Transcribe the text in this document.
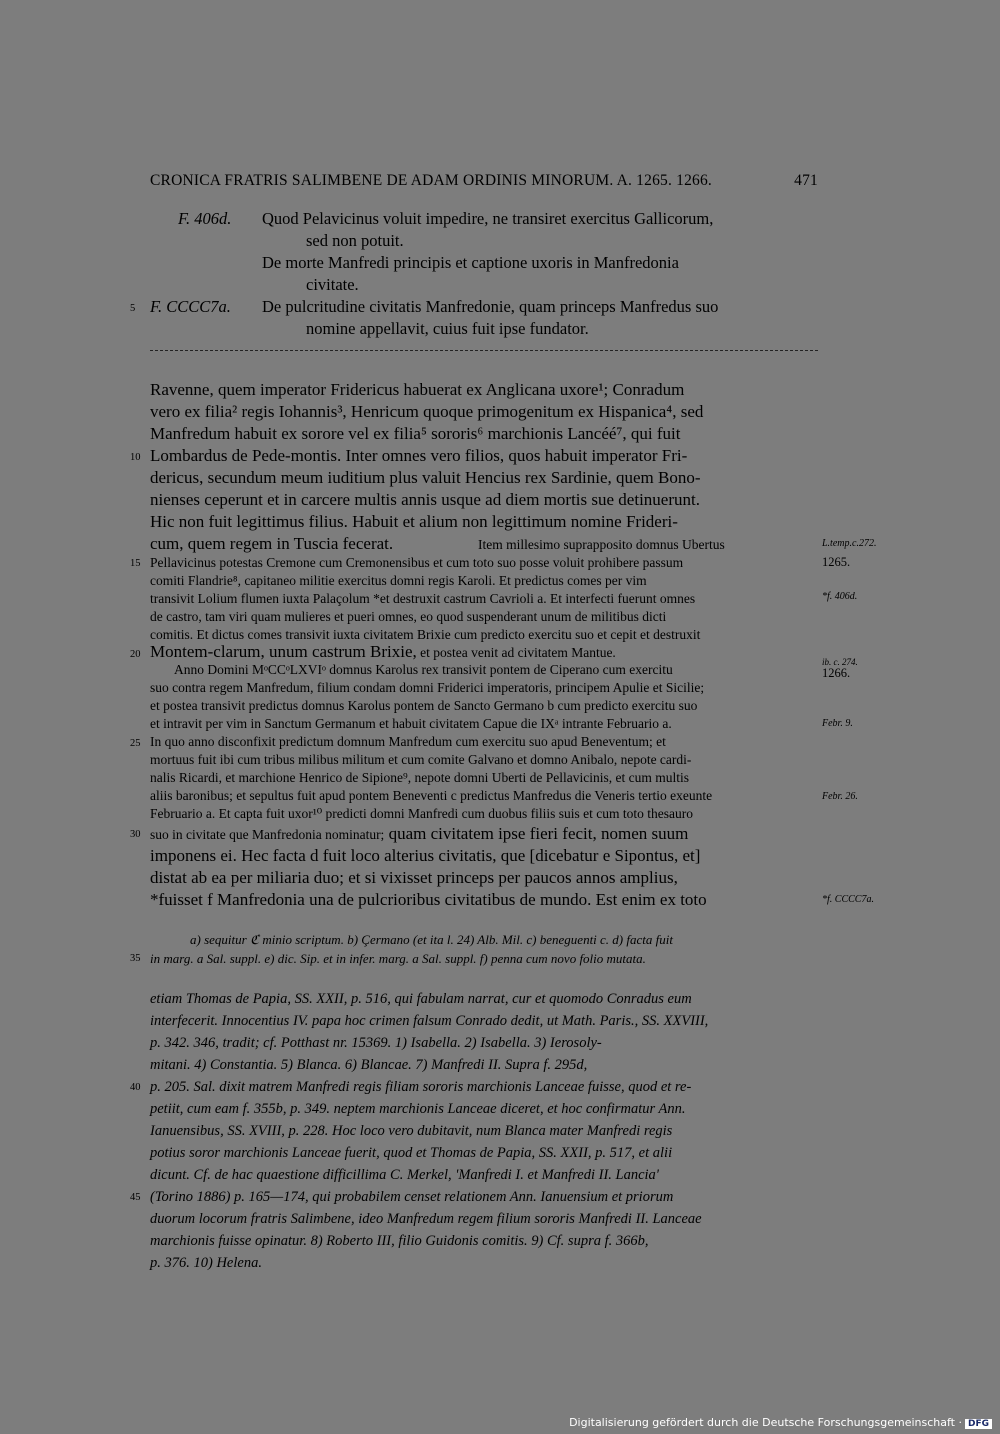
CRONICA FRATRIS SALIMBENE DE ADAM ORDINIS MINORUM. A. 1265. 1266.	471
F. 406d. Quod Pelavicinus voluit impedire, ne transiret exercitus Gallicorum,
sed non potuit.
De morte Manfredi principis et captione uxoris in Manfredonia
civitate.
5 F. CCCC7a. De pulcritudine civitatis Manfredonie, quam princeps Manfredus suo
nomine appellavit, cuius fuit ipse fundator.
Ravenne, quem imperator Fridericus habuerat ex Anglicana uxore¹; Conradum
vero ex filia² regis Iohannis³, Henricum quoque primogenitum ex Hispanica⁴, sed
Manfredum habuit ex sorore vel ex filia⁵ sororis⁶ marchionis Lancéé⁷, qui fuit
10 Lombardus de Pede-montis. Inter omnes vero filios, quos habuit imperator Fri-
dericus, secundum meum iuditium plus valuit Hencius rex Sardinie, quem Bono-
nienses ceperunt et in carcere multis annis usque ad diem mortis sue detinuerunt.
Hic non fuit legittimus filius. Habuit et alium non legittimum nomine Frideri-
cum, quem regem in Tuscia fecerat.	Item millesimo suprapposito domnus Ubertus
15 Pellavicinus potestas Cremone cum Cremonensibus et cum toto suo posse voluit prohibere passum
comiti Flandrie⁸, capitaneo militie exercitus domni regis Karoli. Et predictus comes per vim
transivit Lolium flumen iuxta Palaçolum *et destruxit castrum Cavrioli a. Et interfecti fuerunt omnes
de castro, tam viri quam mulieres et pueri omnes, eo quod suspenderant unum de militibus dicti
comitis. Et dictus comes transivit iuxta civitatem Brixie cum predicto exercitu suo et cepit et destruxit
20 Montem-clarum, unum castrum Brixie, et postea venit ad civitatem Mantue.
Anno Domini MᵒCCᵒLXVIᵒ domnus Karolus rex transivit pontem de Ciperano cum exercitu
suo contra regem Manfredum, filium condam domni Friderici imperatoris, principem Apulie et Sicilie;
et postea transivit predictus domnus Karolus pontem de Sancto Germano b cum predicto exercitu suo
et intravit per vim in Sanctum Germanum et habuit civitatem Capue die IXᵃ intrante Februario a.
25 In quo anno disconfixit predictum domnum Manfredum cum exercitu suo apud Beneventum; et
mortuus fuit ibi cum tribus milibus militum et cum comite Galvano et domno Anibalo, nepote cardi-
nalis Ricardi, et marchione Henrico de Sipione⁹, nepote domni Uberti de Pellavicinis, et cum multis
aliis baronibus; et sepultus fuit apud pontem Beneventi c predictus Manfredus die Veneris tertio exeunte
Februario a. Et capta fuit uxor¹⁰ predicti domni Manfredi cum duobus filiis suis et cum toto thesauro
30 suo in civitate que Manfredonia nominatur; quam civitatem ipse fieri fecit, nomen suum
imponens ei. Hec facta d fuit loco alterius civitatis, que [dicebatur e Sipontus, et]
distat ab ea per miliaria duo; et si vixisset princeps per paucos annos amplius,
*fuisset f Manfredonia una de pulcrioribus civitatibus de mundo. Est enim ex toto
L.temp.c.272.
1265.
*f. 406d.
ib. c. 274.
1266.
Febr. 9.
Febr. 26.
*f. CCCC7a.
a) sequitur ℭ minio scriptum. b) Çermano (et ita l. 24) Alb. Mil. c) beneguenti c. d) facta fuit
35 in marg. a Sal. suppl. e) dic. Sip. et in infer. marg. a Sal. suppl. f) penna cum novo folio mutata.
etiam Thomas de Papia, SS. XXII, p. 516, qui fabulam narrat, cur et quomodo Conradus eum
interfecerit. Innocentius IV. papa hoc crimen falsum Conrado dedit, ut Math. Paris., SS. XXVIII,
p. 342. 346, tradit; cf. Potthast nr. 15369. 1) Isabella. 2) Isabella. 3) Ierosoly-
mitani. 4) Constantia. 5) Blanca. 6) Blancae. 7) Manfredi II. Supra f. 295d,
40 p. 205. Sal. dixit matrem Manfredi regis filiam sororis marchionis Lanceae fuisse, quod et re-
petiit, cum eam f. 355b, p. 349. neptem marchionis Lanceae diceret, et hoc confirmatur Ann.
Ianuensibus, SS. XVIII, p. 228. Hoc loco vero dubitavit, num Blanca mater Manfredi regis
potius soror marchionis Lanceae fuerit, quod et Thomas de Papia, SS. XXII, p. 517, et alii
dicunt. Cf. de hac quaestione difficillima C. Merkel, 'Manfredi I. et Manfredi II. Lancia'
45 (Torino 1886) p. 165—174, qui probabilem censet relationem Ann. Ianuensium et priorum
duorum locorum fratris Salimbene, ideo Manfredum regem filium sororis Manfredi II. Lanceae
marchionis fuisse opinatur. 8) Roberto III, filio Guidonis comitis. 9) Cf. supra f. 366b,
p. 376. 10) Helena.
Digitalisierung gefördert durch die Deutsche Forschungsgemeinschaft · DFG
